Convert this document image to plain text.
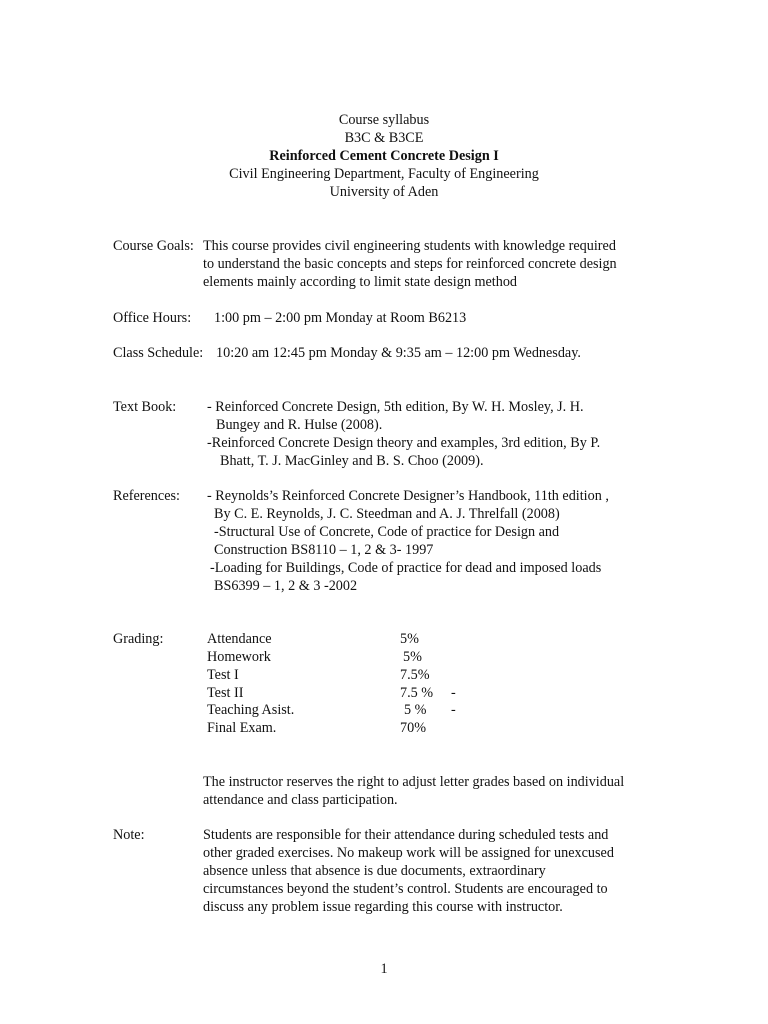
Course syllabus
B3C & B3CE
Reinforced Cement Concrete Design I
Civil Engineering Department, Faculty of Engineering
University of Aden
Course Goals: This course provides civil engineering students with knowledge required
to understand the basic concepts and steps for reinforced concrete design
elements mainly according to limit state design method
Office Hours: 1:00 pm – 2:00 pm Monday at Room B6213
Class Schedule: 10:20 am 12:45 pm Monday & 9:35 am – 12:00 pm Wednesday.
Text Book: - Reinforced Concrete Design, 5th edition, By W. H. Mosley, J. H.
Bungey and R. Hulse (2008).
-Reinforced Concrete Design theory and examples, 3rd edition, By P.
Bhatt, T. J. MacGinley and B. S. Choo (2009).
References: - Reynolds’s Reinforced Concrete Designer’s Handbook, 11th edition ,
By C. E. Reynolds, J. C. Steedman and A. J. Threlfall (2008)
-Structural Use of Concrete, Code of practice for Design and
Construction BS8110 – 1, 2 & 3- 1997
-Loading for Buildings, Code of practice for dead and imposed loads
BS6399 – 1, 2 & 3 -2002
Grading:	Attendance	5%
Homework	5%
Test I	7.5%
Test II	7.5 % -
Teaching Asist.	5 % -
Final Exam.	70%
The instructor reserves the right to adjust letter grades based on individual
attendance and class participation.
Note:	Students are responsible for their attendance during scheduled tests and
other graded exercises. No makeup work will be assigned for unexcused
absence unless that absence is due documents, extraordinary
circumstances beyond the student’s control. Students are encouraged to
discuss any problem issue regarding this course with instructor.
1
